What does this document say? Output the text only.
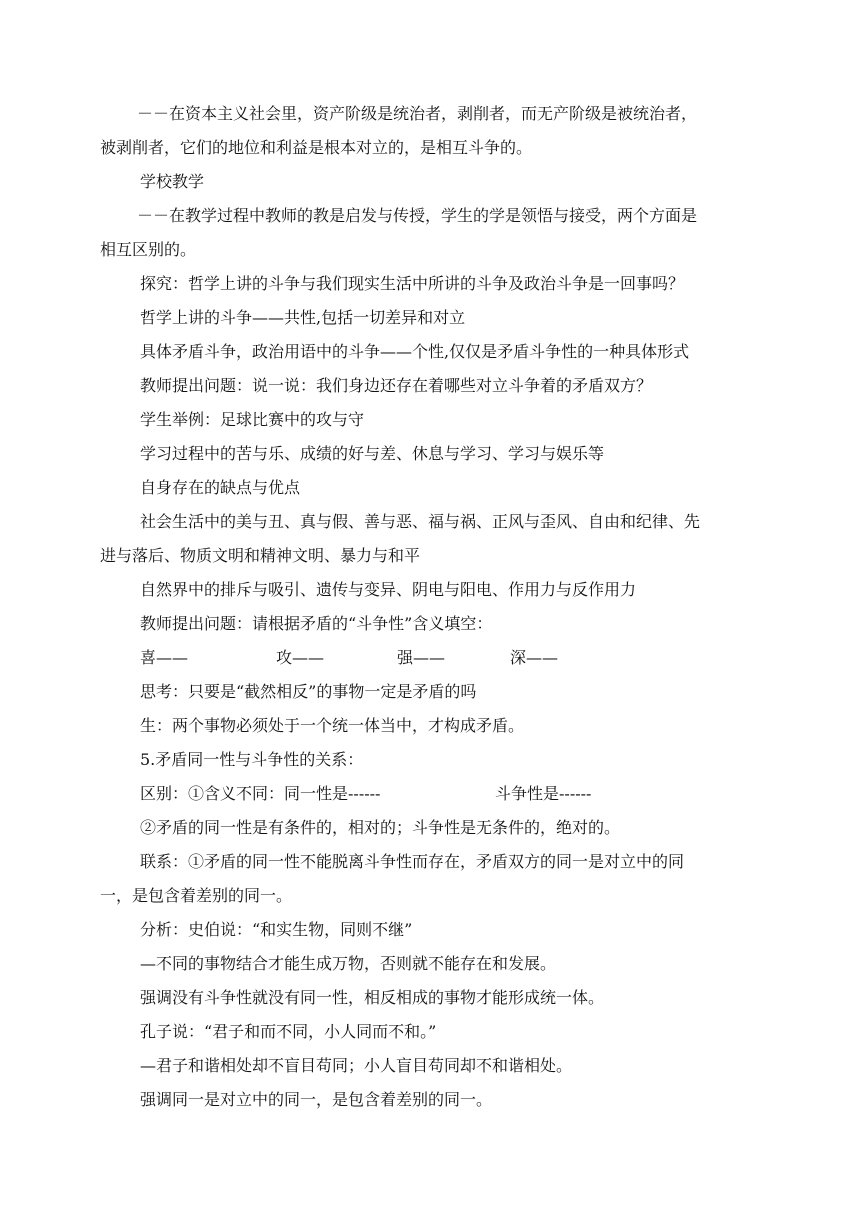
－－在资本主义社会里，资产阶级是统治者，剥削者，而无产阶级是被统治者，
被剥削者，它们的地位和利益是根本对立的，是相互斗争的。
学校教学
－－在教学过程中教师的教是启发与传授，学生的学是领悟与接受，两个方面是
相互区别的。
探究：哲学上讲的斗争与我们现实生活中所讲的斗争及政治斗争是一回事吗？
哲学上讲的斗争——共性,包括一切差异和对立
具体矛盾斗争，政治用语中的斗争——个性,仅仅是矛盾斗争性的一种具体形式
教师提出问题：说一说：我们身边还存在着哪些对立斗争着的矛盾双方？
学生举例：足球比赛中的攻与守
学习过程中的苦与乐、成绩的好与差、休息与学习、学习与娱乐等
自身存在的缺点与优点
社会生活中的美与丑、真与假、善与恶、福与祸、正风与歪风、自由和纪律、先
进与落后、物质文明和精神文明、暴力与和平
自然界中的排斥与吸引、遗传与变异、阴电与阳电、作用力与反作用力
教师提出问题：请根据矛盾的“斗争性”含义填空：
喜——	攻——	强——	深——
思考：只要是“截然相反”的事物一定是矛盾的吗
生：两个事物必须处于一个统一体当中，才构成矛盾。
5.矛盾同一性与斗争性的关系：
区别：①含义不同：同一性是------	斗争性是------
②矛盾的同一性是有条件的，相对的；斗争性是无条件的，绝对的。
联系：①矛盾的同一性不能脱离斗争性而存在，矛盾双方的同一是对立中的同
一，是包含着差别的同一。
分析：史伯说：“和实生物，同则不继”
—不同的事物结合才能生成万物，否则就不能存在和发展。
强调没有斗争性就没有同一性，相反相成的事物才能形成统一体。
孔子说：“君子和而不同，小人同而不和。”
—君子和谐相处却不盲目苟同；小人盲目苟同却不和谐相处。
强调同一是对立中的同一，是包含着差别的同一。
